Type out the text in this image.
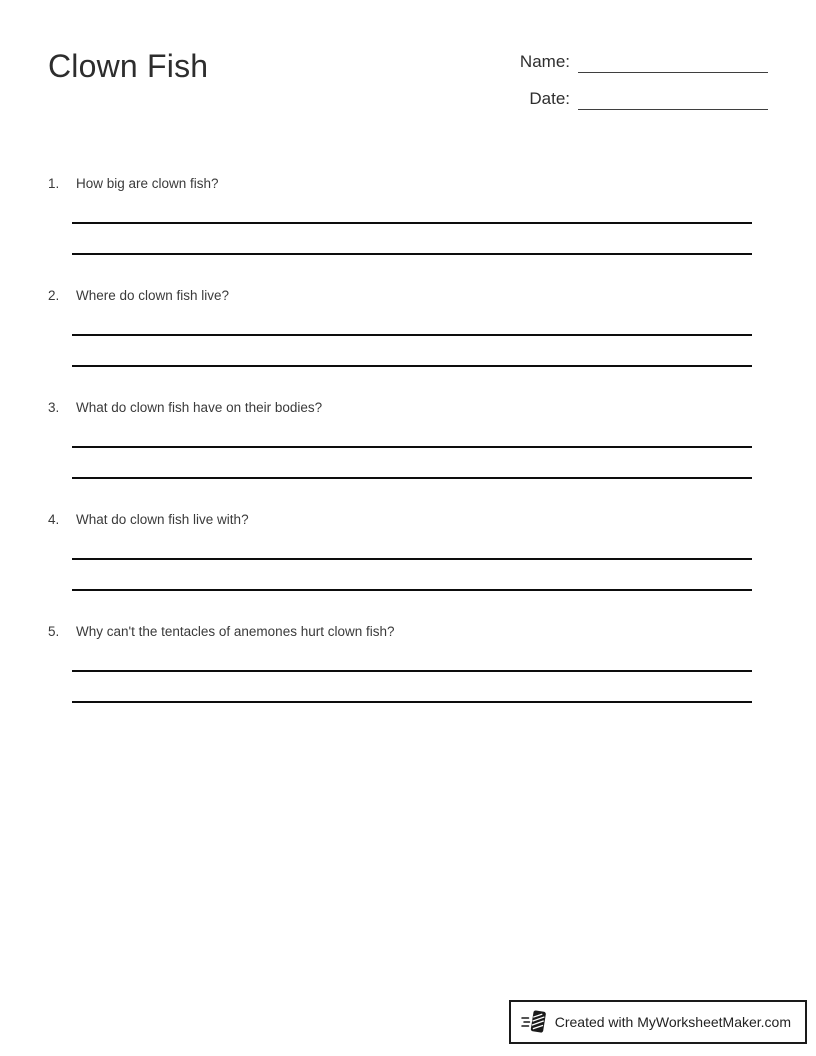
Clown Fish	Name:
Date:
1.	How big are clown fish?
2.	Where do clown fish live?
3.	What do clown fish have on their bodies?
4.	What do clown fish live with?
5.	Why can't the tentacles of anemones hurt clown fish?
Created with MyWorksheetMaker.com
